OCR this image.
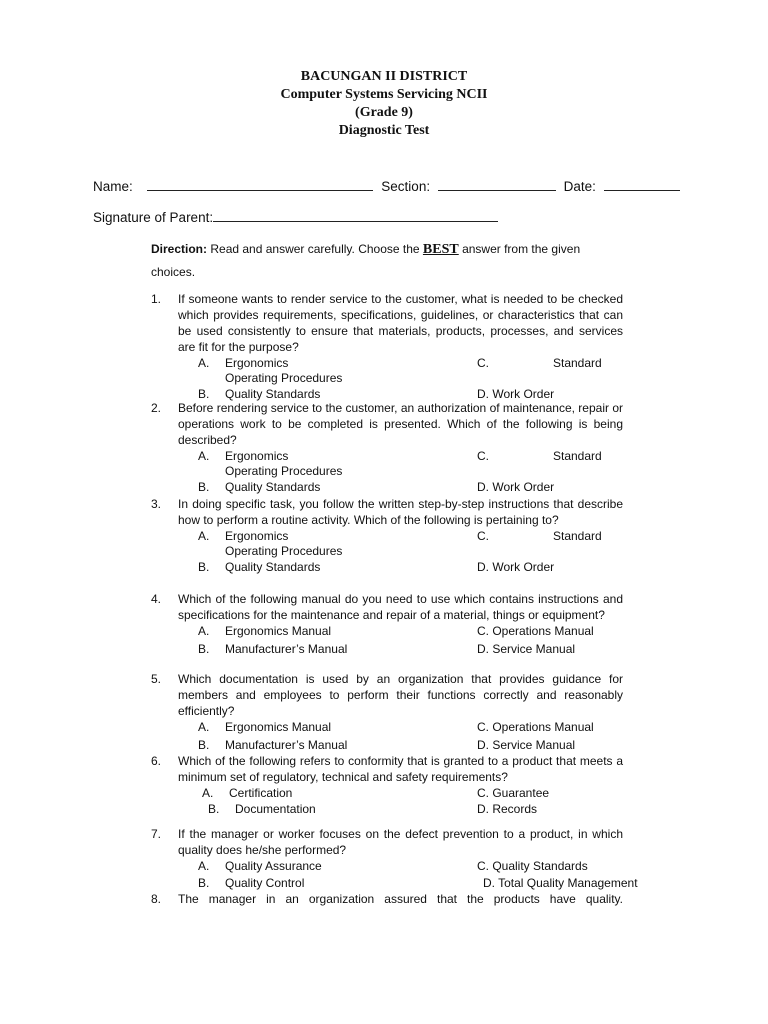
BACUNGAN II DISTRICT
Computer Systems Servicing NCII
(Grade 9)
Diagnostic Test
Name:	Section:	Date:
Signature of Parent:
Direction: Read and answer carefully. Choose the BEST answer from the given choices.
1. If someone wants to render service to the customer, what is needed to be checked which provides requirements, specifications, guidelines, or characteristics that can be used consistently to ensure that materials, products, processes, and services are fit for the purpose?
A. Ergonomics	C.	Standard
Operating Procedures
B. Quality Standards	D. Work Order
2. Before rendering service to the customer, an authorization of maintenance, repair or operations work to be completed is presented. Which of the following is being described?
A. Ergonomics	C.	Standard
Operating Procedures
B. Quality Standards	D. Work Order
3. In doing specific task, you follow the written step-by-step instructions that describe how to perform a routine activity. Which of the following is pertaining to?
A. Ergonomics	C.	Standard
Operating Procedures
B. Quality Standards	D. Work Order
4. Which of the following manual do you need to use which contains instructions and specifications for the maintenance and repair of a material, things or equipment?
A. Ergonomics Manual	C. Operations Manual
B. Manufacturer’s Manual	D. Service Manual
5. Which documentation is used by an organization that provides guidance for members and employees to perform their functions correctly and reasonably efficiently?
A. Ergonomics Manual	C. Operations Manual
B. Manufacturer’s Manual	D. Service Manual
6. Which of the following refers to conformity that is granted to a product that meets a minimum set of regulatory, technical and safety requirements?
A. Certification	C. Guarantee
B. Documentation	D. Records
7. If the manager or worker focuses on the defect prevention to a product, in which quality does he/she performed?
A. Quality Assurance	C. Quality Standards
B. Quality Control	D. Total Quality Management
8. The manager in an organization assured that the products have quality.
